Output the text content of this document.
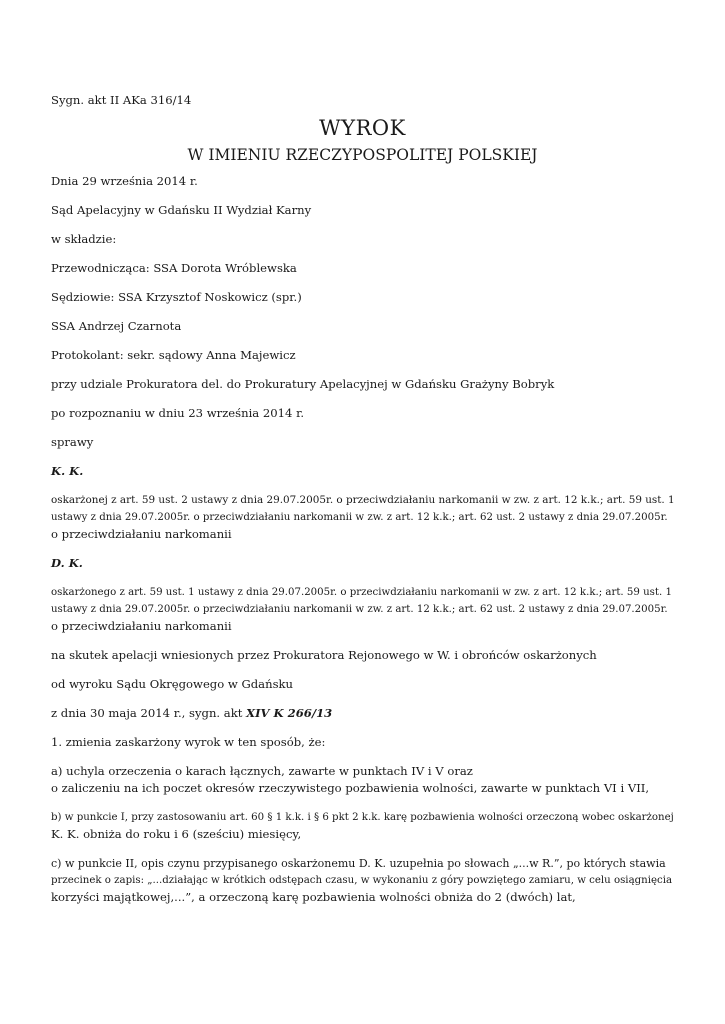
Sygn. akt II AKa 316/14

WYROK

W IMIENIU RZECZYPOSPOLITEJ POLSKIEJ

Dnia 29 września 2014 r.

Sąd Apelacyjny w Gdańsku II Wydział Karny

w składzie:

Przewodnicząca: SSA Dorota Wróblewska

Sędziowie: SSA Krzysztof Noskowicz (spr.)

SSA Andrzej Czarnota

Protokolant: sekr. sądowy Anna Majewicz

przy udziale Prokuratora del. do Prokuratury Apelacyjnej w Gdańsku Grażyny Bobryk

po rozpoznaniu w dniu 23 września 2014 r.

sprawy

K. K.

oskarżonej z art. 59 ust. 2 ustawy z dnia 29.07.2005r. o przeciwdziałaniu narkomanii w zw. z art. 12 k.k.; art. 59 ust. 1
ustawy z dnia 29.07.2005r. o przeciwdziałaniu narkomanii w zw. z art. 12 k.k.; art. 62 ust. 2 ustawy z dnia 29.07.2005r.
o przeciwdziałaniu narkomanii

D. K.

oskarżonego z art. 59 ust. 1 ustawy z dnia 29.07.2005r. o przeciwdziałaniu narkomanii w zw. z art. 12 k.k.; art. 59 ust. 1
ustawy z dnia 29.07.2005r. o przeciwdziałaniu narkomanii w zw. z art. 12 k.k.; art. 62 ust. 2 ustawy z dnia 29.07.2005r.
o przeciwdziałaniu narkomanii

na skutek apelacji wniesionych przez Prokuratora Rejonowego w W. i obrońców oskarżonych

od wyroku Sądu Okręgowego w Gdańsku

z dnia 30 maja 2014 r., sygn. akt XIV K 266/13

1. zmienia zaskarżony wyrok w ten sposób, że:

a) uchyla orzeczenia o karach łącznych, zawarte w punktach IV i V oraz
o zaliczeniu na ich poczet okresów rzeczywistego pozbawienia wolności, zawarte w punktach VI i VII,
b) w punkcie I, przy zastosowaniu art. 60 § 1 k.k. i § 6 pkt 2 k.k. karę pozbawienia wolności orzeczoną wobec oskarżonej
K. K. obniża do roku i 6 (sześciu) miesięcy,
c) w punkcie II, opis czynu przypisanego oskarżonemu D. K. uzupełnia po słowach „...w R.”, po których stawia
przecinek o zapis: „...działając w krótkich odstępach czasu, w wykonaniu z góry powziętego zamiaru, w celu osiągnięcia
korzyści majątkowej,...”, a orzeczoną karę pozbawienia wolności obniża do 2 (dwóch) lat,
